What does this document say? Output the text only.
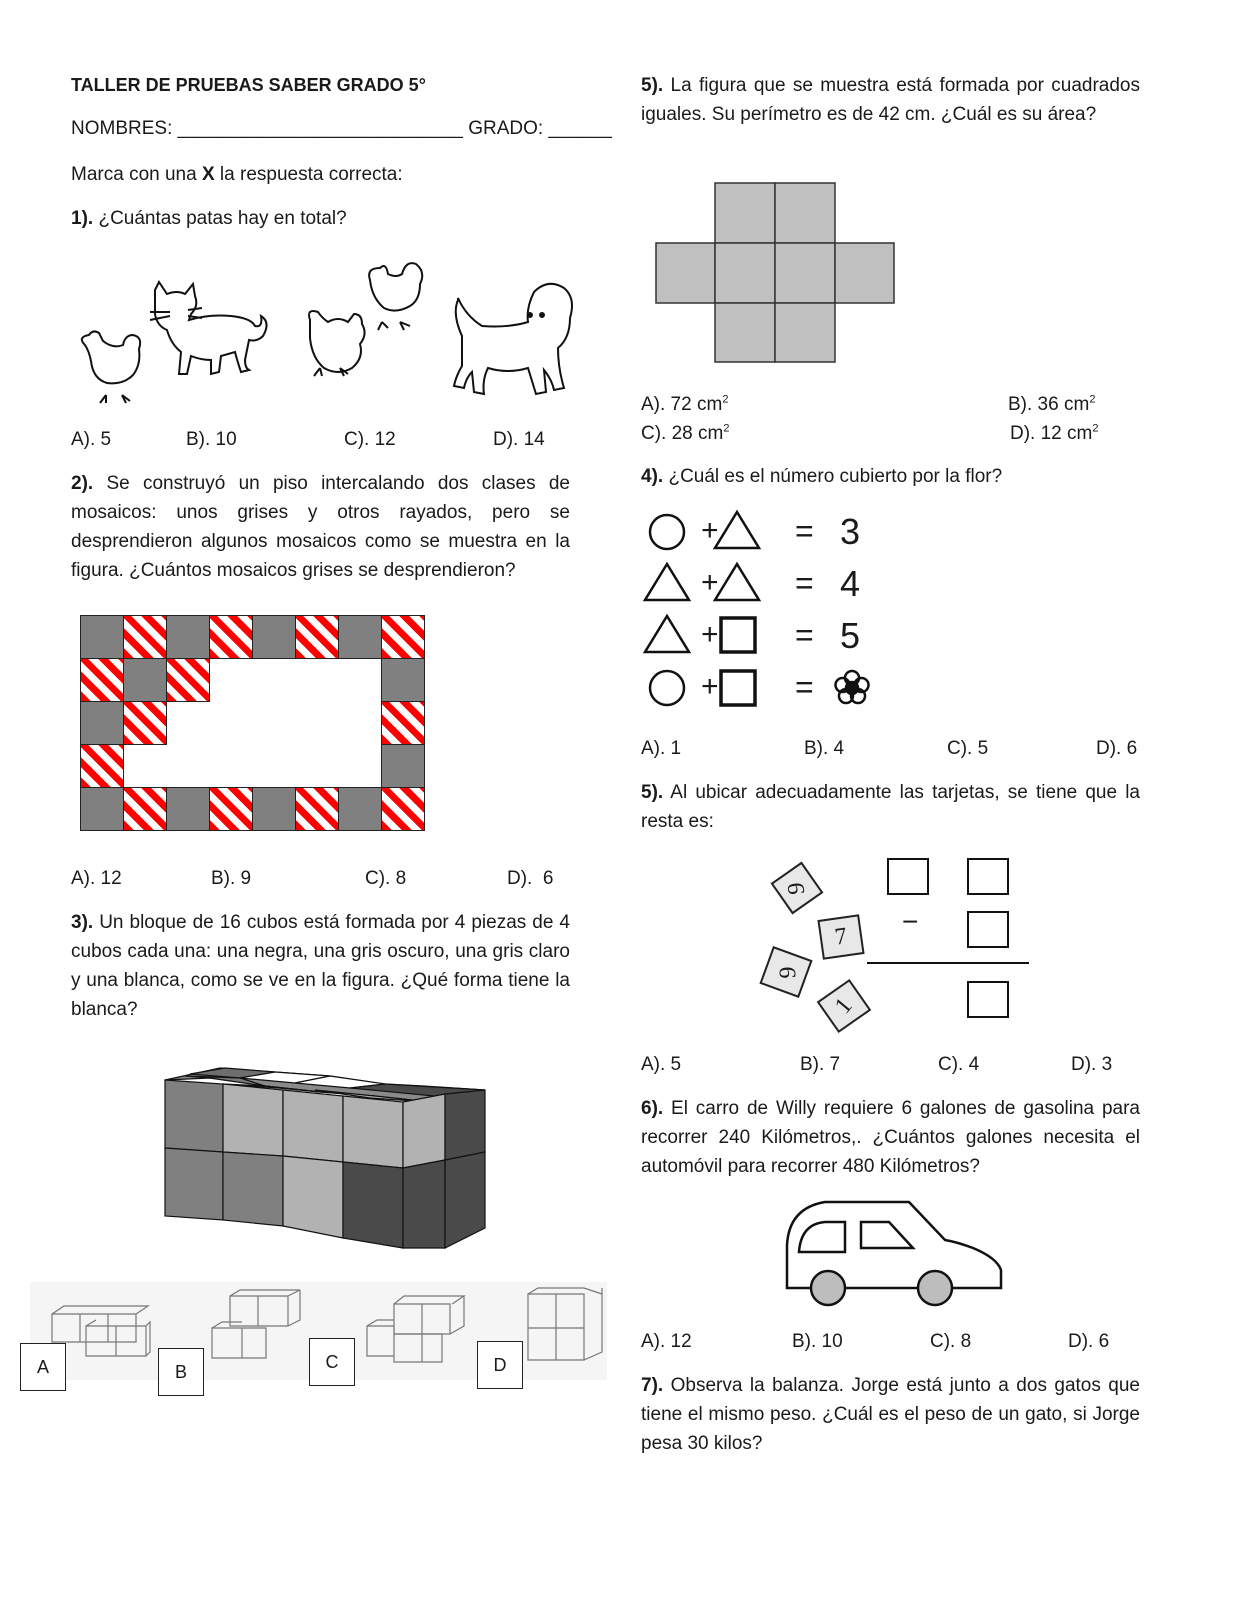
TALLER DE PRUEBAS SABER GRADO 5°
NOMBRES: ___________________________ GRADO: ______
Marca con una X la respuesta correcta:
1). ¿Cuántas patas hay en total?
A). 5	B). 10	C). 12	D). 14
2). Se construyó un piso intercalando dos clases de mosaicos: unos grises y otros rayados, pero se desprendieron algunos mosaicos como se muestra en la figura. ¿Cuántos mosaicos grises se desprendieron?
A). 12	B). 9	C). 8	D).  6
3). Un bloque de 16 cubos está formada por 4 piezas de 4 cubos cada una: una negra, una gris oscuro, una gris claro y una blanca, como se ve en la figura. ¿Qué forma tiene la blanca?
A	B	C	D
5). La figura que se muestra está formada por cuadrados iguales. Su perímetro es de 42 cm. ¿Cuál es su área?
A). 72 $cm^2$	B). 36 $cm^2$
C). 28 $cm^2$	D). 12 $cm^2$
4). ¿Cuál es el número cubierto por la flor?
+
+
+
+
=
=
=
=
3
4
5
A). 1	B). 4	C). 5	D). 6
5). Al ubicar adecuadamente las tarjetas, se tiene que la resta es:
9
7
6
1
−
A). 5	B). 7	C). 4	D). 3
6). El carro de Willy requiere 6 galones de gasolina para recorrer 240 Kilómetros,. ¿Cuántos galones necesita el automóvil para recorrer 480 Kilómetros?
A). 12	B). 10	C). 8	D). 6
7). Observa la balanza. Jorge está junto a dos gatos que tiene el mismo peso. ¿Cuál es el peso de un gato, si Jorge pesa 30 kilos?
